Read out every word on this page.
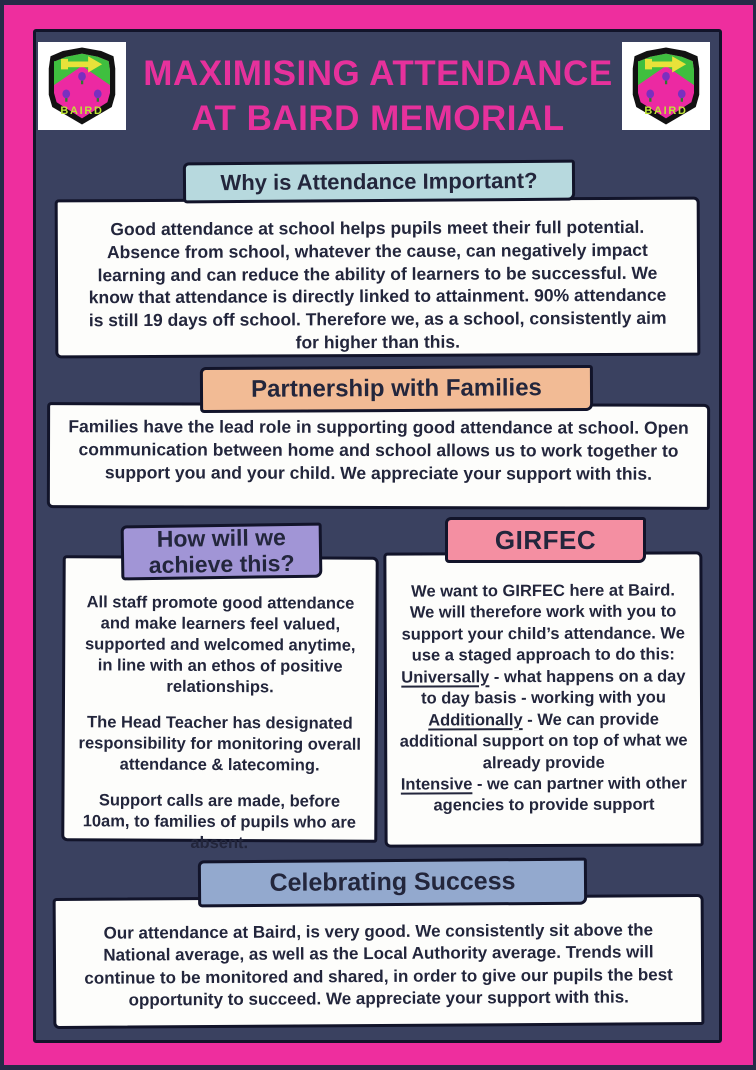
BAIRD	BAIRD
MAXIMISING ATTENDANCE
AT BAIRD MEMORIAL
Why is Attendance Important?
Good attendance at school helps pupils meet their full potential. Absence from school, whatever the cause, can negatively impact learning and can reduce the ability of learners to be successful. We know that attendance is directly linked to attainment. 90% attendance is still 19 days off school. Therefore we, as a school, consistently aim for higher than this.
Partnership with Families
Families have the lead role in supporting good attendance at school. Open communication between home and school allows us to work together to support you and your child. We appreciate your support with this.
How will we
achieve this?

All staff promote good attendance and make learners feel valued, supported and welcomed anytime, in line with an ethos of positive relationships.

The Head Teacher has designated responsibility for monitoring overall attendance & latecoming.

Support calls are made, before 10am, to families of pupils who are absent.

GIRFEC

We want to GIRFEC here at Baird. We will therefore work with you to support your child’s attendance. We use a staged approach to do this:

Universally - what happens on a day to day basis - working with you

Additionally - We can provide additional support on top of what we already provide

Intensive - we can partner with other agencies to provide support

Celebrating Success
Our attendance at Baird, is very good. We consistently sit above the National average, as well as the Local Authority average. Trends will continue to be monitored and shared, in order to give our pupils the best opportunity to succeed. We appreciate your support with this.
